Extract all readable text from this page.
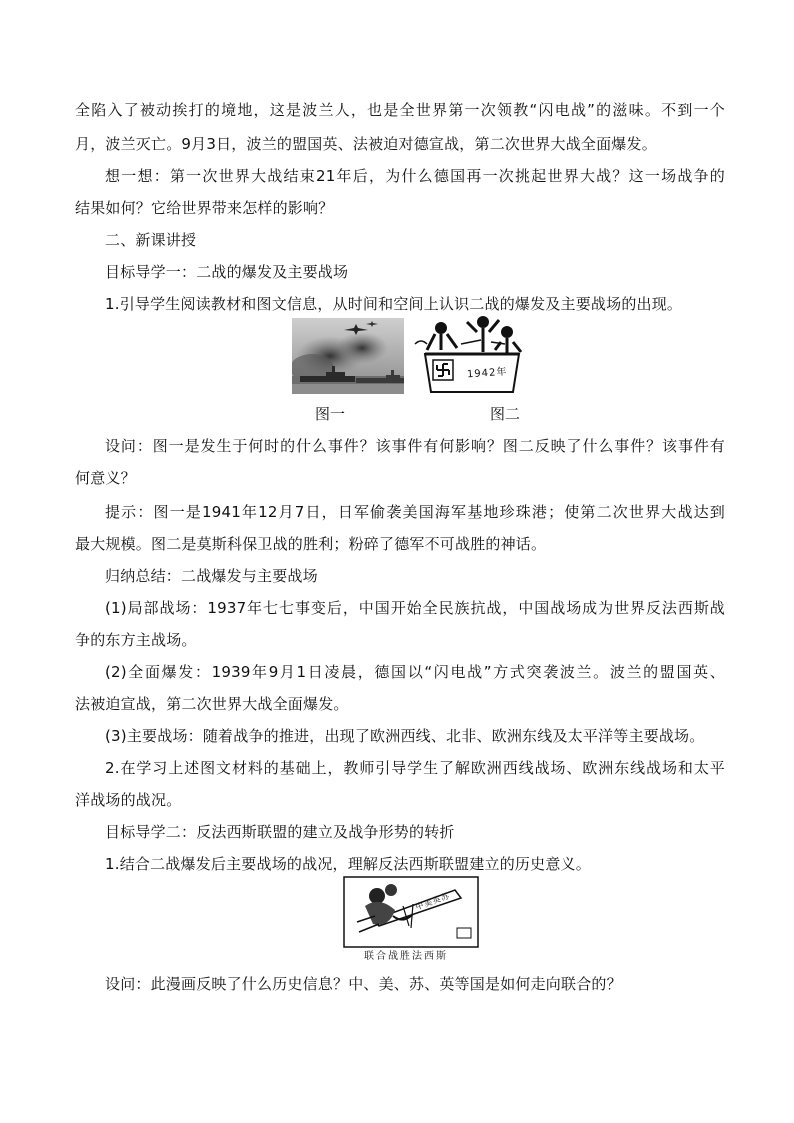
全陷入了被动挨打的境地，这是波兰人，也是全世界第一次领教“闪电战”的滋味。不到一个
月，波兰灭亡。9月3日，波兰的盟国英、法被迫对德宣战，第二次世界大战全面爆发。
想一想：第一次世界大战结束21年后，为什么德国再一次挑起世界大战？这一场战争的
结果如何？它给世界带来怎样的影响？
二、新课讲授
目标导学一：二战的爆发及主要战场
1.引导学生阅读教材和图文信息，从时间和空间上认识二战的爆发及主要战场的出现。
1942年
图一	图二
设问：图一是发生于何时的什么事件？该事件有何影响？图二反映了什么事件？该事件有
何意义？
提示：图一是1941年12月7日，日军偷袭美国海军基地珍珠港；使第二次世界大战达到
最大规模。图二是莫斯科保卫战的胜利；粉碎了德军不可战胜的神话。
归纳总结：二战爆发与主要战场
(1)局部战场：1937年七七事变后，中国开始全民族抗战，中国战场成为世界反法西斯战
争的东方主战场。
(2)全面爆发：1939年9月1日凌晨，德国以“闪电战”方式突袭波兰。波兰的盟国英、
法被迫宣战，第二次世界大战全面爆发。
(3)主要战场：随着战争的推进，出现了欧洲西线、北非、欧洲东线及太平洋等主要战场。
2.在学习上述图文材料的基础上，教师引导学生了解欧洲西线战场、欧洲东线战场和太平
洋战场的战况。
目标导学二：反法西斯联盟的建立及战争形势的转折
1.结合二战爆发后主要战场的战况，理解反法西斯联盟建立的历史意义。
中美英苏
联合战胜法西斯
设问：此漫画反映了什么历史信息？中、美、苏、英等国是如何走向联合的？
